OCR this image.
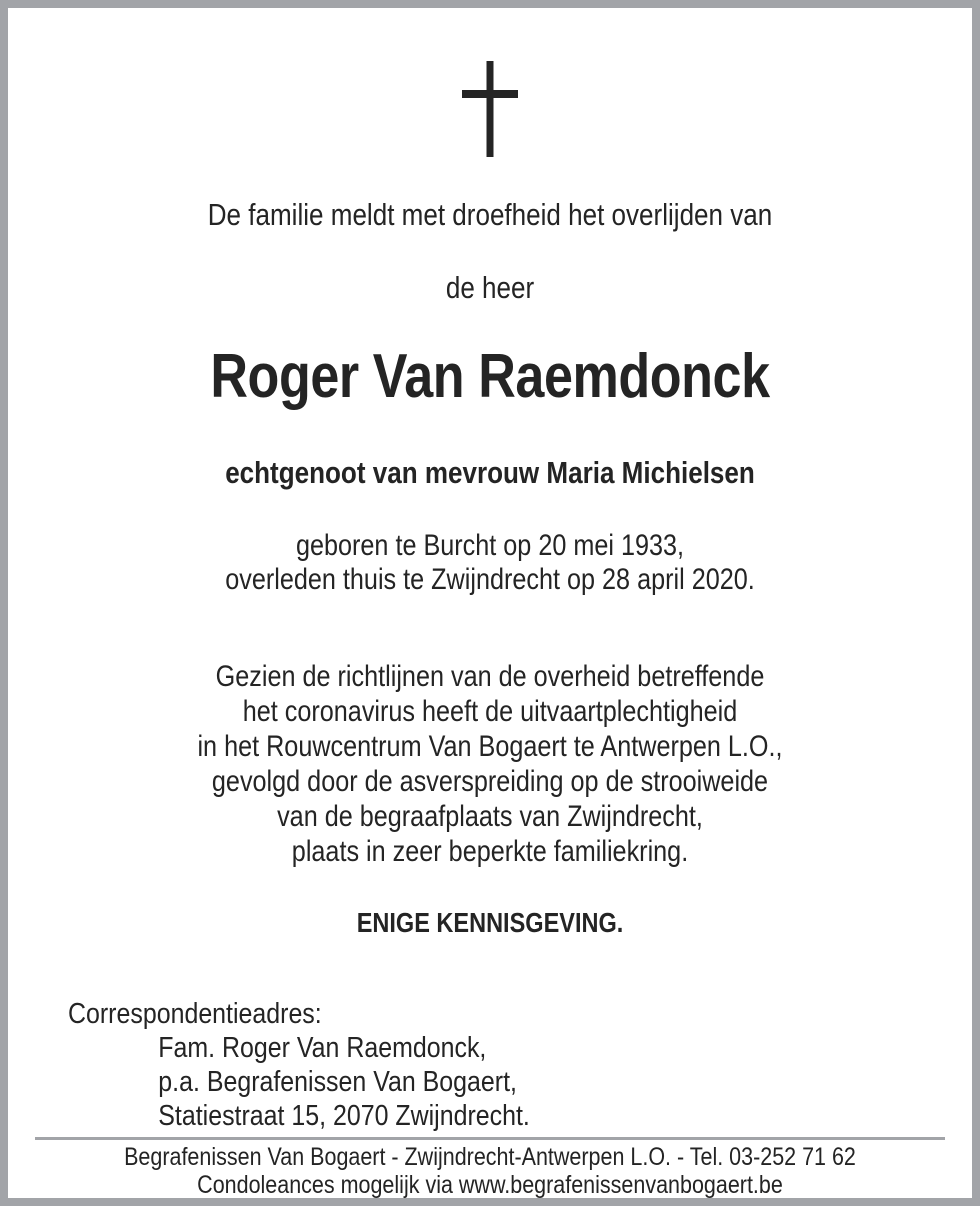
De familie meldt met droefheid het overlijden van
de heer
Roger Van Raemdonck
echtgenoot van mevrouw Maria Michielsen
geboren te Burcht op 20 mei 1933,
overleden thuis te Zwijndrecht op 28 april 2020.
Gezien de richtlijnen van de overheid betreffende
het coronavirus heeft de uitvaartplechtigheid
in het Rouwcentrum Van Bogaert te Antwerpen L.O.,
gevolgd door de asverspreiding op de strooiweide
van de begraafplaats van Zwijndrecht,
plaats in zeer beperkte familiekring.
ENIGE KENNISGEVING.
Correspondentieadres:
Fam. Roger Van Raemdonck,
p.a. Begrafenissen Van Bogaert,
Statiestraat 15, 2070 Zwijndrecht.
Begrafenissen Van Bogaert - Zwijndrecht-Antwerpen L.O. - Tel. 03-252 71 62
Condoleances mogelijk via www.begrafenissenvanbogaert.be
